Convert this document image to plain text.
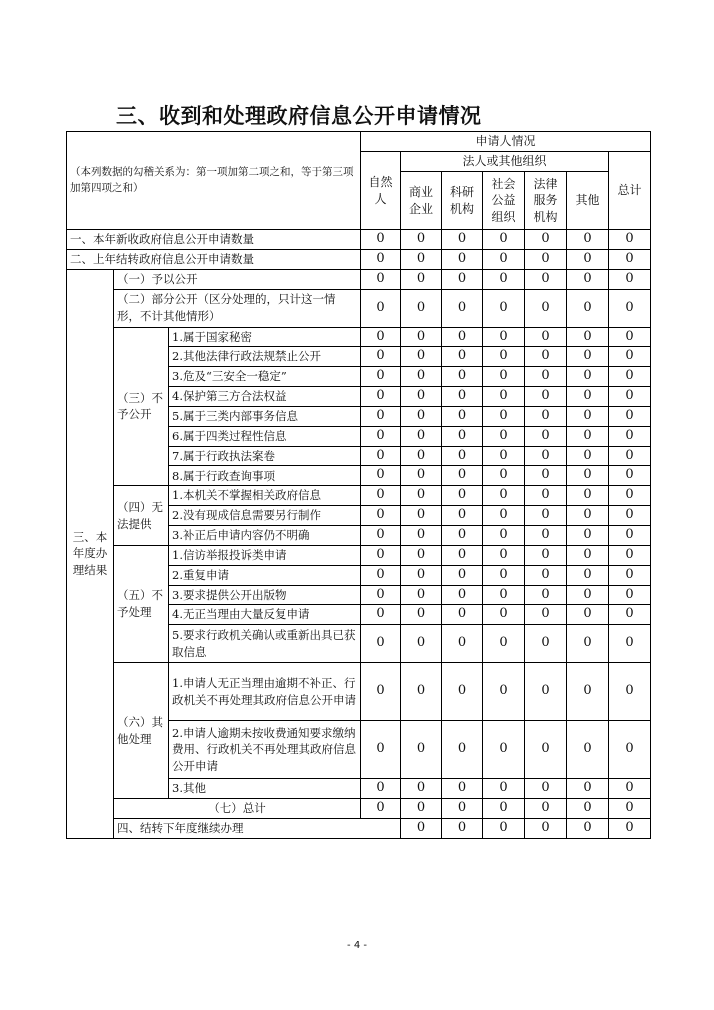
三、收到和处理政府信息公开申请情况
（本列数据的勾稽关系为：第一项加第二项之和，等于第三项加第四项之和）			申请人情况							
			自然人	法人或其他组织					总计	
				商业企业	科研机构	社会公益组织	法律服务机构	其他		
一、本年新收政府信息公开申请数量			0	0	0	0	0	0	0	
二、上年结转政府信息公开申请数量			0	0	0	0	0	0	0	
三、本年度办理结果	（一）予以公开		0	0	0	0	0	0	0	
	（二）部分公开（区分处理的，只计这一情形，不计其他情形）		0	0	0	0	0	0	0	
	（三）不予公开	1.属于国家秘密	0	0	0	0	0	0	0	
		2.其他法律行政法规禁止公开	0	0	0	0	0	0	0	
		3.危及“三安全一稳定”	0	0	0	0	0	0	0	
		4.保护第三方合法权益	0	0	0	0	0	0	0	
		5.属于三类内部事务信息	0	0	0	0	0	0	0	
		6.属于四类过程性信息	0	0	0	0	0	0	0	
		7.属于行政执法案卷	0	0	0	0	0	0	0	
		8.属于行政查询事项	0	0	0	0	0	0	0	
	（四）无法提供	1.本机关不掌握相关政府信息	0	0	0	0	0	0	0	
		2.没有现成信息需要另行制作	0	0	0	0	0	0	0	
		3.补正后申请内容仍不明确	0	0	0	0	0	0	0	
	（五）不予处理	1.信访举报投诉类申请	0	0	0	0	0	0	0	
		2.重复申请	0	0	0	0	0	0	0	
		3.要求提供公开出版物	0	0	0	0	0	0	0	
		4.无正当理由大量反复申请	0	0	0	0	0	0	0	
		5.要求行政机关确认或重新出具已获取信息	0	0	0	0	0	0	0	
	（六）其他处理	1.申请人无正当理由逾期不补正、行政机关不再处理其政府信息公开申请	0	0	0	0	0	0	0	
		2.申请人逾期未按收费通知要求缴纳费用、行政机关不再处理其政府信息公开申请	0	0	0	0	0	0	0	
		3.其他	0	0	0	0	0	0	0	
	（七）总计		0	0	0	0	0	0	0	
	四、结转下年度继续办理			0	0	0	0	0	0	
- 4 -
